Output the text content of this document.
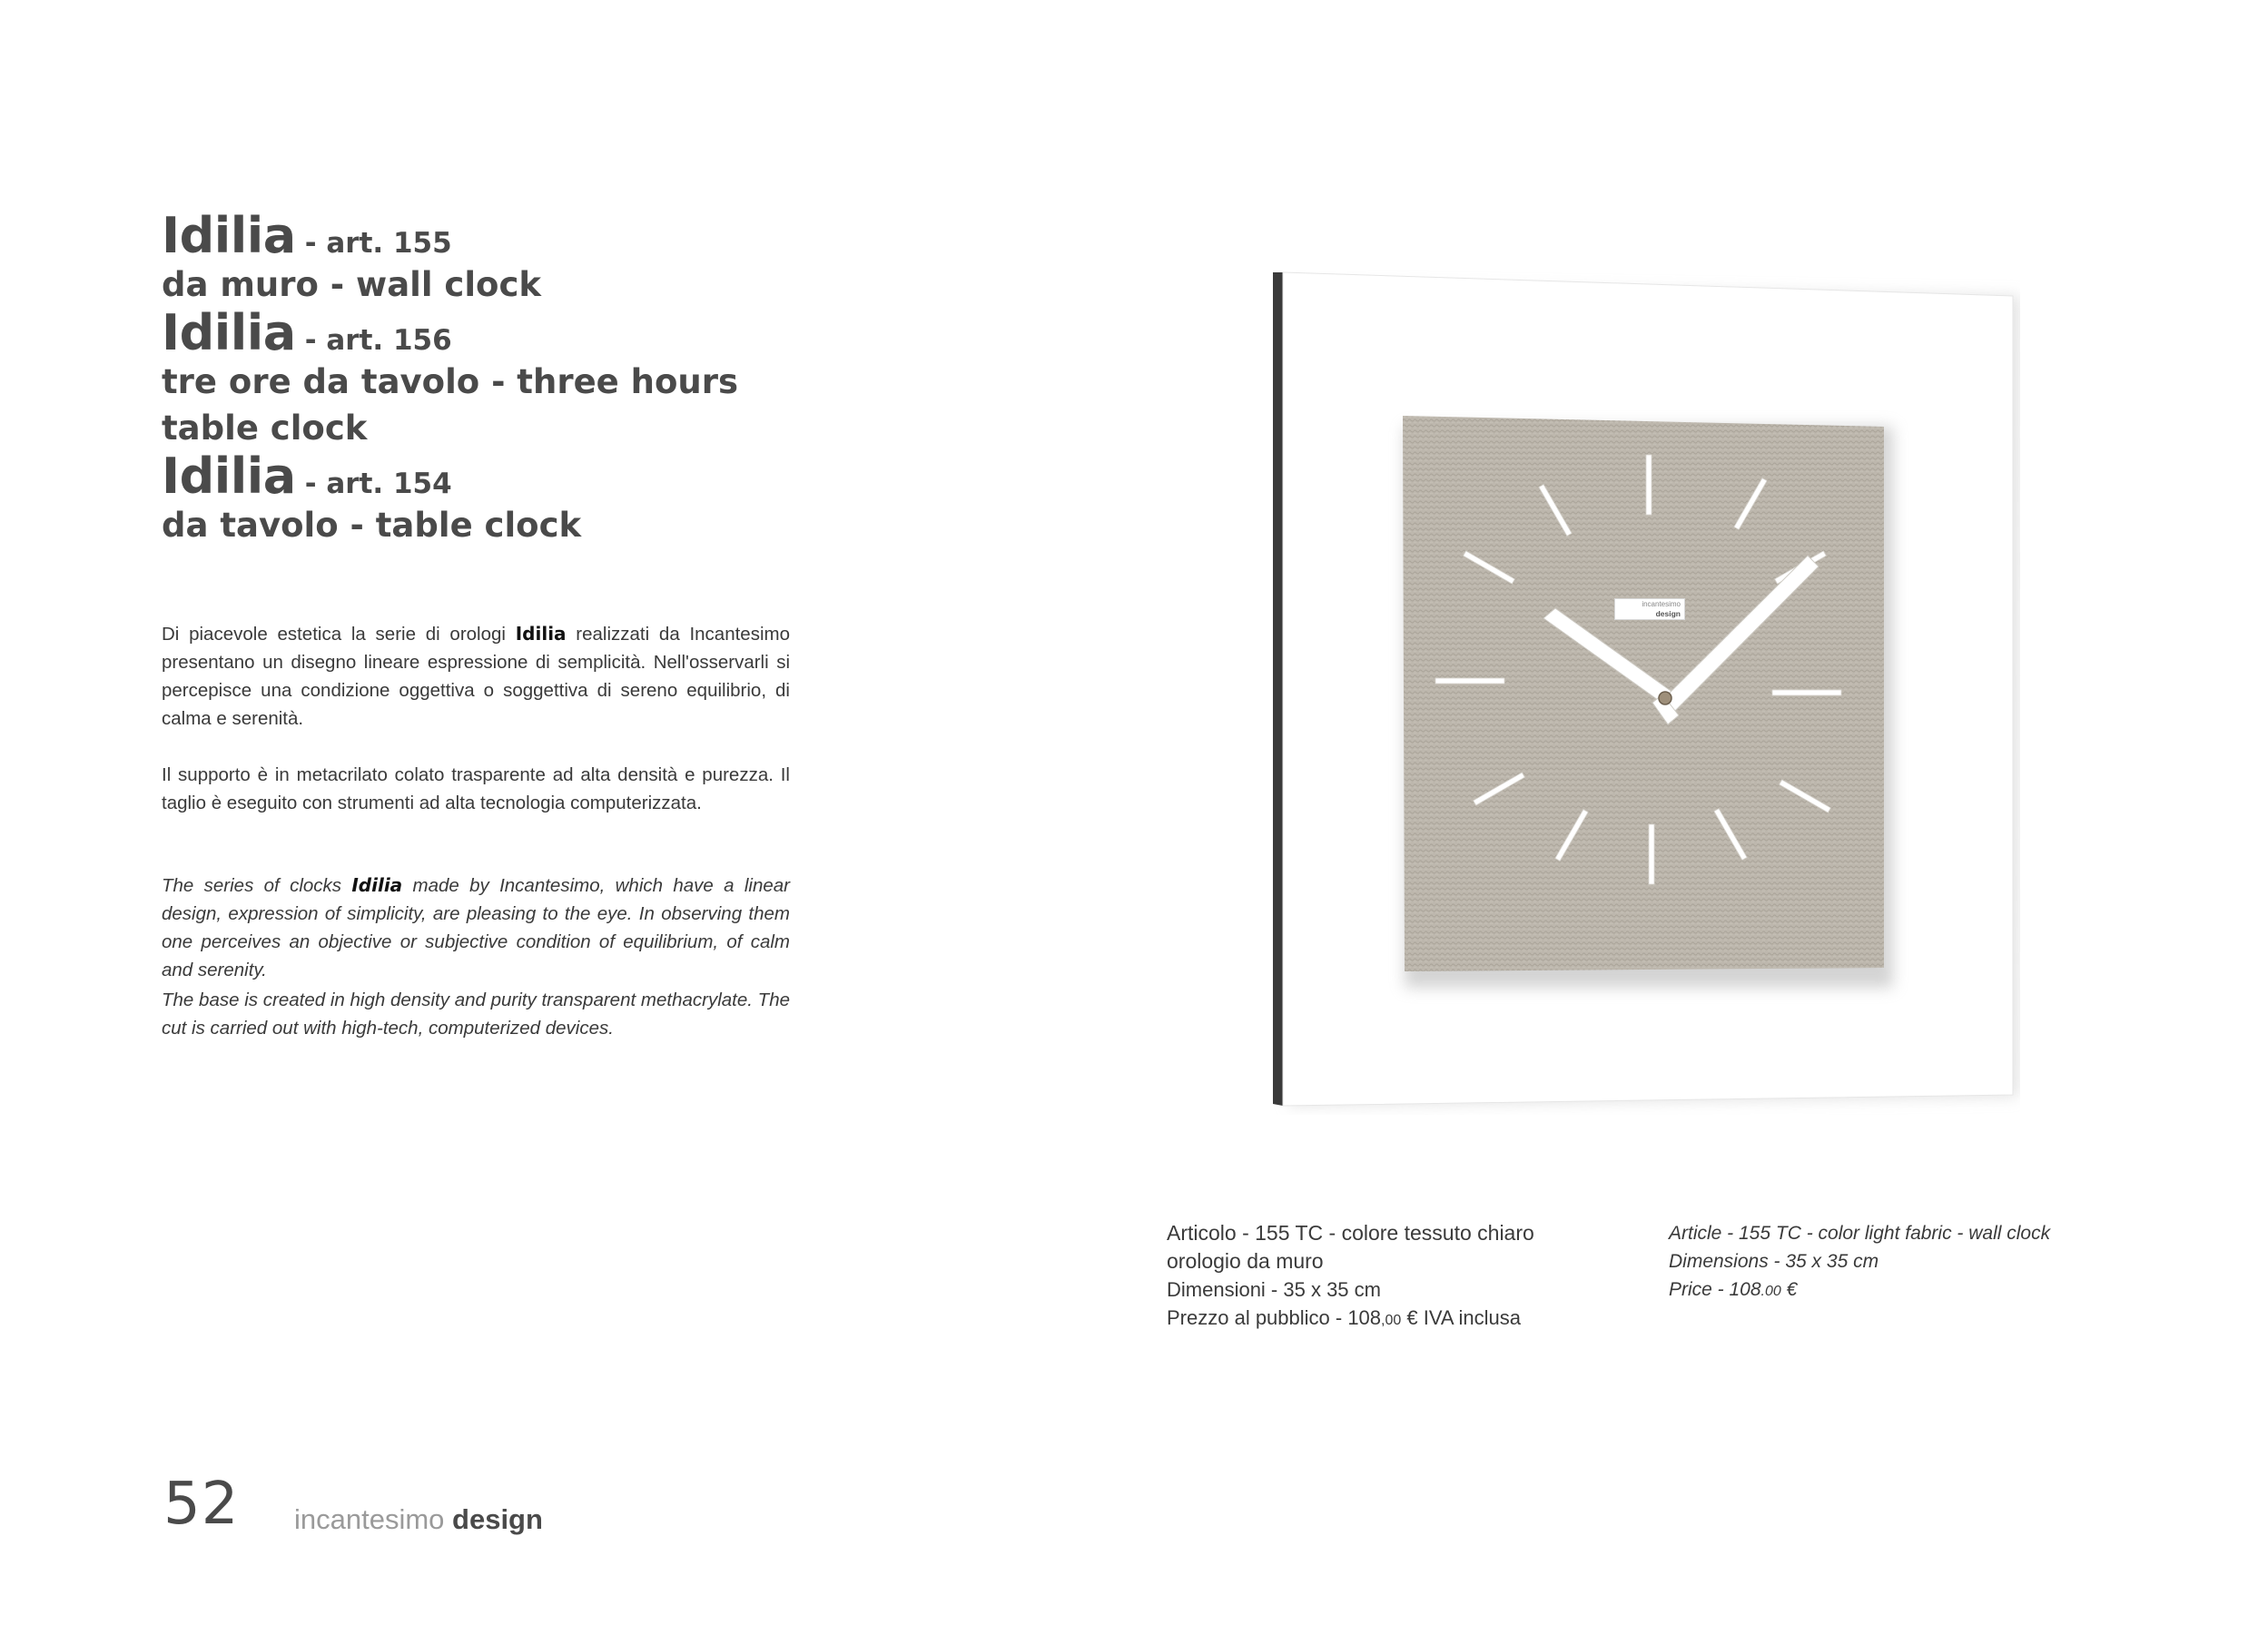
Idilia - art. 155

da muro - wall clock

Idilia - art. 156

tre ore da tavolo - three hours table clock

Idilia - art. 154

da tavolo - table clock

Di piacevole estetica la serie di orologi Idilia realizzati da Incantesimo presentano un disegno lineare espressione di semplicità. Nell'osservarli si percepisce una condizione oggettiva o soggettiva di sereno equilibrio, di calma e serenità.

Il supporto è in metacrilato colato trasparente ad alta densità e purezza. Il taglio è eseguito con strumenti ad alta tecnologia computerizzata.

The series of clocks Idilia made by Incantesimo, which have a linear design, expression of simplicity, are pleasing to the eye. In observing them one perceives an objective or subjective condition of equilibrium, of calm and serenity.

The base is created in high density and purity transparent methacrylate. The cut is carried out with high-tech, computerized devices.

incantesimo
design
Articolo - 155 TC - colore tessuto chiaro
orologio da muro
Dimensioni - 35 x 35 cm
Prezzo al pubblico - 108,00 € IVA inclusa
Article - 155 TC - color light fabric - wall clock
Dimensions - 35 x 35 cm
Price - 108.00 €
52 incantesimo design
